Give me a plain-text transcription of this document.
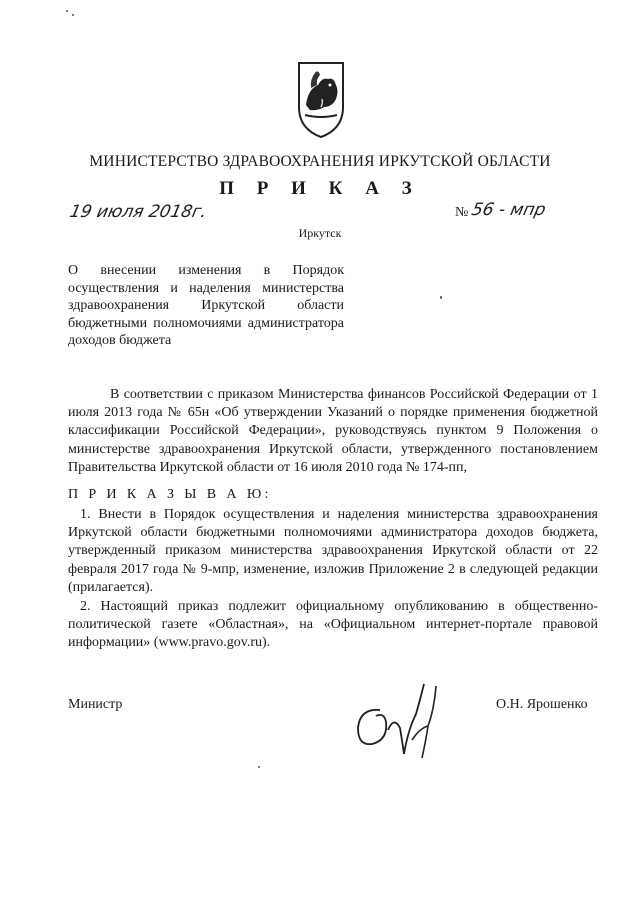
МИНИСТЕРСТВО ЗДРАВООХРАНЕНИЯ ИРКУТСКОЙ ОБЛАСТИ
П Р И К А З
19 июля 2018г.	№ 56 - мпр
Иркутск
О внесении изменения в Порядок осуществления и наделения министерства здравоохранения Иркутской области бюджетными полномочиями администратора доходов бюджета
В соответствии с приказом Министерства финансов Российской Федерации от 1 июля 2013 года № 65н «Об утверждении Указаний о порядке применения бюджетной классификации Российской Федерации», руководствуясь пунктом 9 Положения о министерстве здравоохранения Иркутской области, утвержденного постановлением Правительства Иркутской области от 16 июля 2010 года № 174-пп,
П Р И К А З Ы В А Ю:
1. Внести в Порядок осуществления и наделения министерства здравоохранения Иркутской области бюджетными полномочиями администратора доходов бюджета, утвержденный приказом министерства здравоохранения Иркутской области от 22 февраля 2017 года № 9-мпр, изменение, изложив Приложение 2 в следующей редакции (прилагается).
2. Настоящий приказ подлежит официальному опубликованию в общественно-политической газете «Областная», на «Официальном интернет-портале правовой информации» (www.pravo.gov.ru).
Министр	О.Н. Ярошенко
